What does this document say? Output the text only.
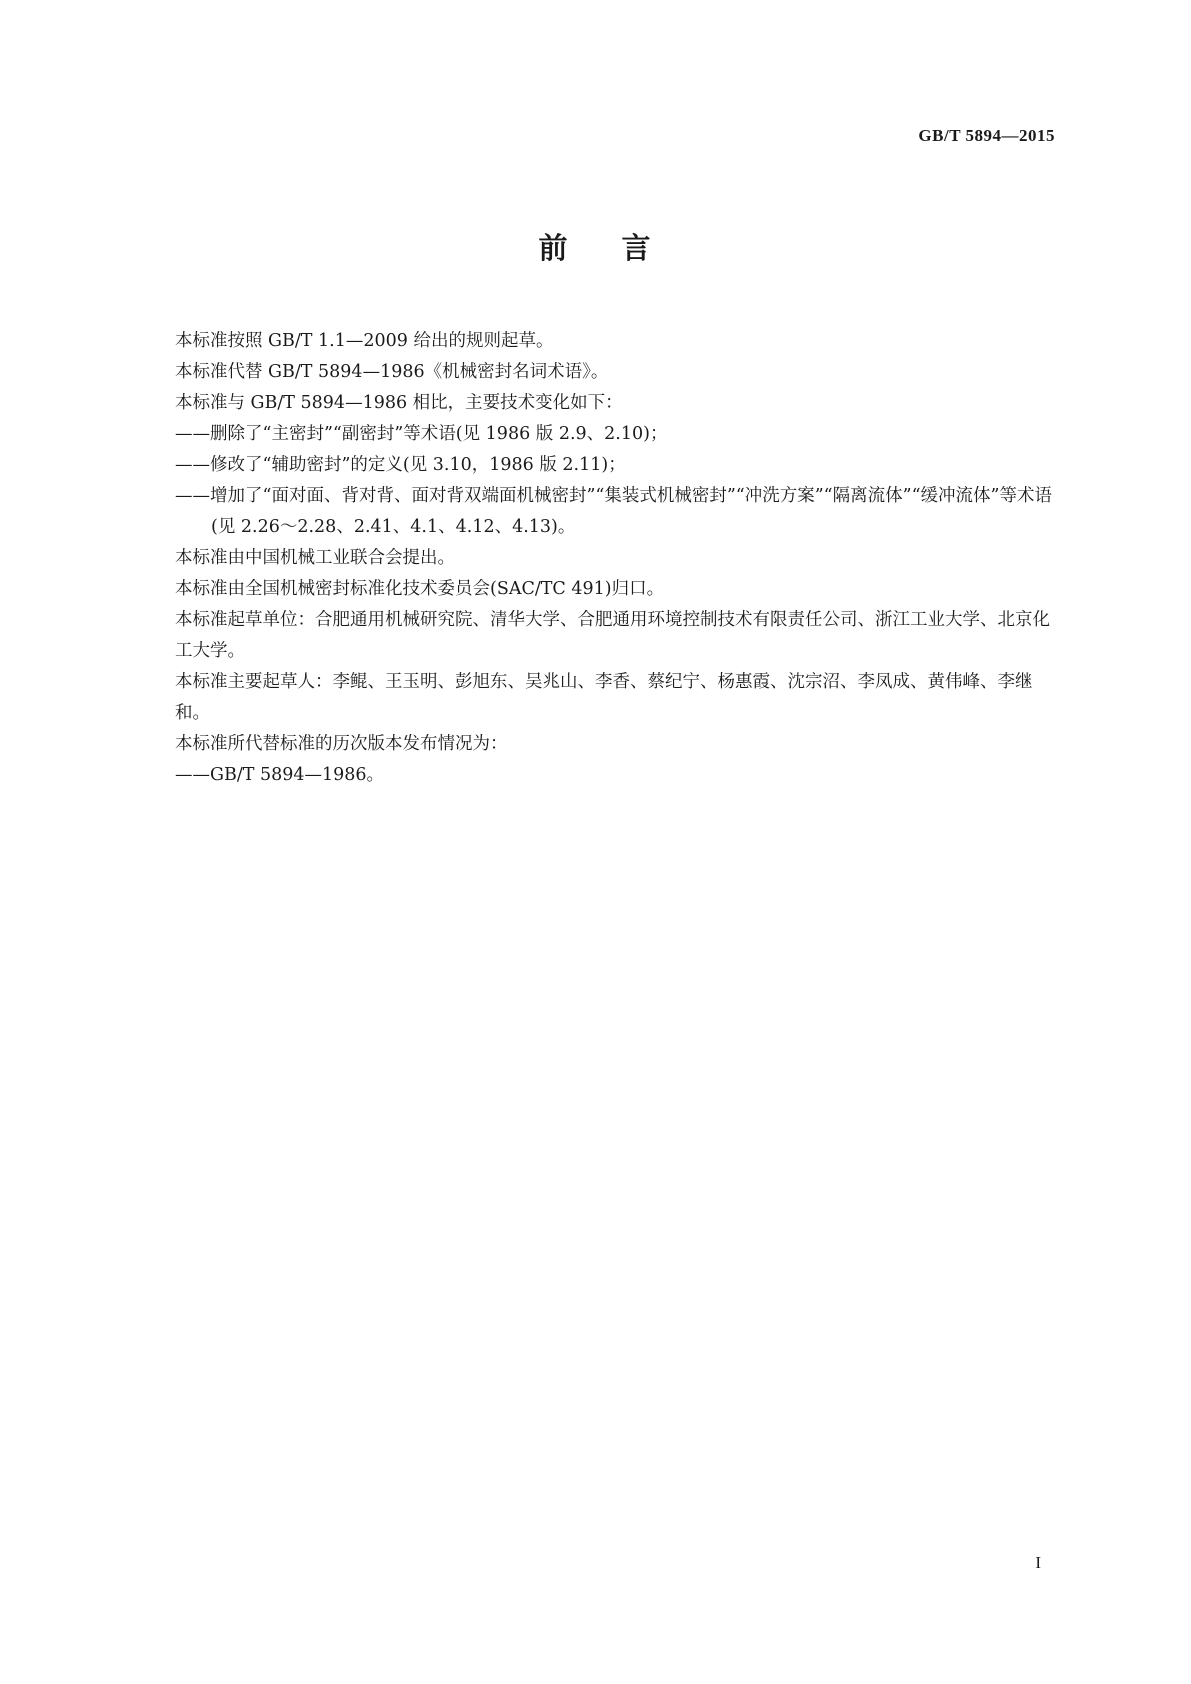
GB/T 5894—2015
前 言

本标准按照 GB/T 1.1—2009 给出的规则起草。

本标准代替 GB/T 5894—1986《机械密封名词术语》。

本标准与 GB/T 5894—1986 相比，主要技术变化如下：

——删除了“主密封”“副密封”等术语(见 1986 版 2.9、2.10)；

——修改了“辅助密封”的定义(见 3.10，1986 版 2.11)；

——增加了“面对面、背对背、面对背双端面机械密封”“集装式机械密封”“冲洗方案”“隔离流体”“缓冲流体”等术语(见 2.26～2.28、2.41、4.1、4.12、4.13)。

本标准由中国机械工业联合会提出。

本标准由全国机械密封标准化技术委员会(SAC/TC 491)归口。

本标准起草单位：合肥通用机械研究院、清华大学、合肥通用环境控制技术有限责任公司、浙江工业大学、北京化工大学。

本标准主要起草人：李鲲、王玉明、彭旭东、吴兆山、李香、蔡纪宁、杨惠霞、沈宗沼、李凤成、黄伟峰、李继和。

本标准所代替标准的历次版本发布情况为：

——GB/T 5894—1986。

I
